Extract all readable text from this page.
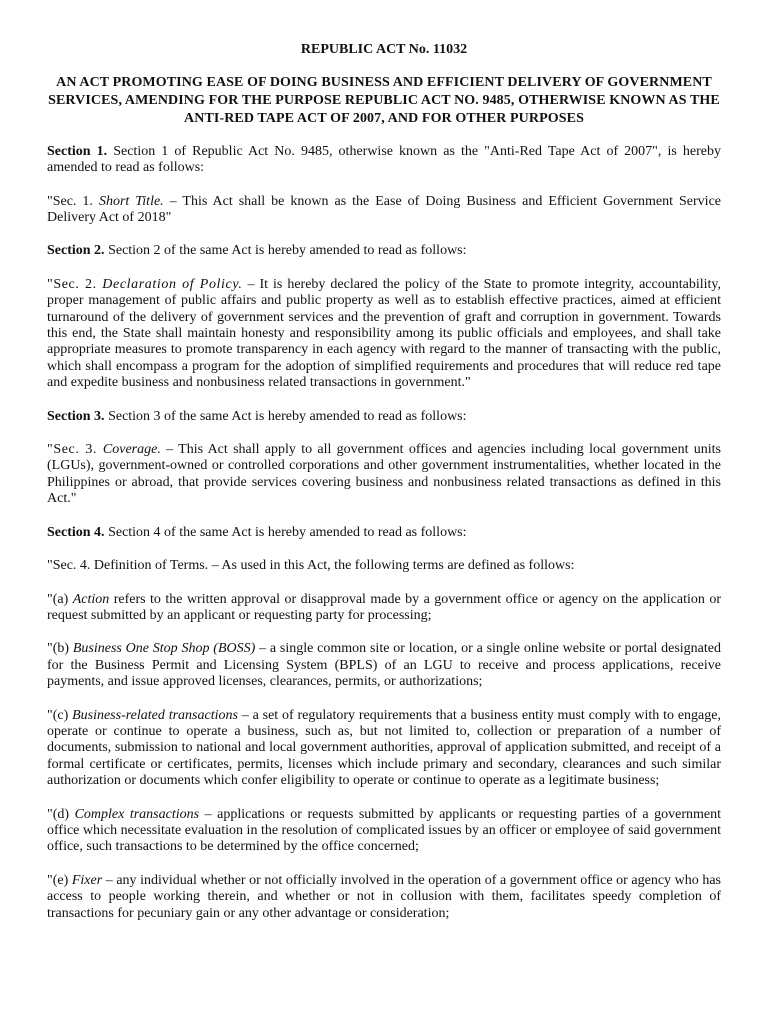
REPUBLIC ACT No. 11032
AN ACT PROMOTING EASE OF DOING BUSINESS AND EFFICIENT DELIVERY OF GOVERNMENT SERVICES, AMENDING FOR THE PURPOSE REPUBLIC ACT NO. 9485, OTHERWISE KNOWN AS THE ANTI-RED TAPE ACT OF 2007, AND FOR OTHER PURPOSES

Section 1. Section 1 of Republic Act No. 9485, otherwise known as the "Anti-Red Tape Act of 2007", is hereby amended to read as follows:

"Sec. 1. Short Title. – This Act shall be known as the Ease of Doing Business and Efficient Government Service Delivery Act of 2018"

Section 2. Section 2 of the same Act is hereby amended to read as follows:

"Sec. 2. Declaration of Policy. – It is hereby declared the policy of the State to promote integrity, accountability, proper management of public affairs and public property as well as to establish effective practices, aimed at efficient turnaround of the delivery of government services and the prevention of graft and corruption in government. Towards this end, the State shall maintain honesty and responsibility among its public officials and employees, and shall take appropriate measures to promote transparency in each agency with regard to the manner of transacting with the public, which shall encompass a program for the adoption of simplified requirements and procedures that will reduce red tape and expedite business and nonbusiness related transactions in government."

Section 3. Section 3 of the same Act is hereby amended to read as follows:

"Sec. 3. Coverage. – This Act shall apply to all government offices and agencies including local government units (LGUs), government-owned or controlled corporations and other government instrumentalities, whether located in the Philippines or abroad, that provide services covering business and nonbusiness related transactions as defined in this Act."

Section 4. Section 4 of the same Act is hereby amended to read as follows:

"Sec. 4. Definition of Terms. – As used in this Act, the following terms are defined as follows:

"(a) Action refers to the written approval or disapproval made by a government office or agency on the application or request submitted by an applicant or requesting party for processing;

"(b) Business One Stop Shop (BOSS) – a single common site or location, or a single online website or portal designated for the Business Permit and Licensing System (BPLS) of an LGU to receive and process applications, receive payments, and issue approved licenses, clearances, permits, or authorizations;

"(c) Business-related transactions – a set of regulatory requirements that a business entity must comply with to engage, operate or continue to operate a business, such as, but not limited to, collection or preparation of a number of documents, submission to national and local government authorities, approval of application submitted, and receipt of a formal certificate or certificates, permits, licenses which include primary and secondary, clearances and such similar authorization or documents which confer eligibility to operate or continue to operate as a legitimate business;

"(d) Complex transactions – applications or requests submitted by applicants or requesting parties of a government office which necessitate evaluation in the resolution of complicated issues by an officer or employee of said government office, such transactions to be determined by the office concerned;

"(e) Fixer – any individual whether or not officially involved in the operation of a government office or agency who has access to people working therein, and whether or not in collusion with them, facilitates speedy completion of transactions for pecuniary gain or any other advantage or consideration;
